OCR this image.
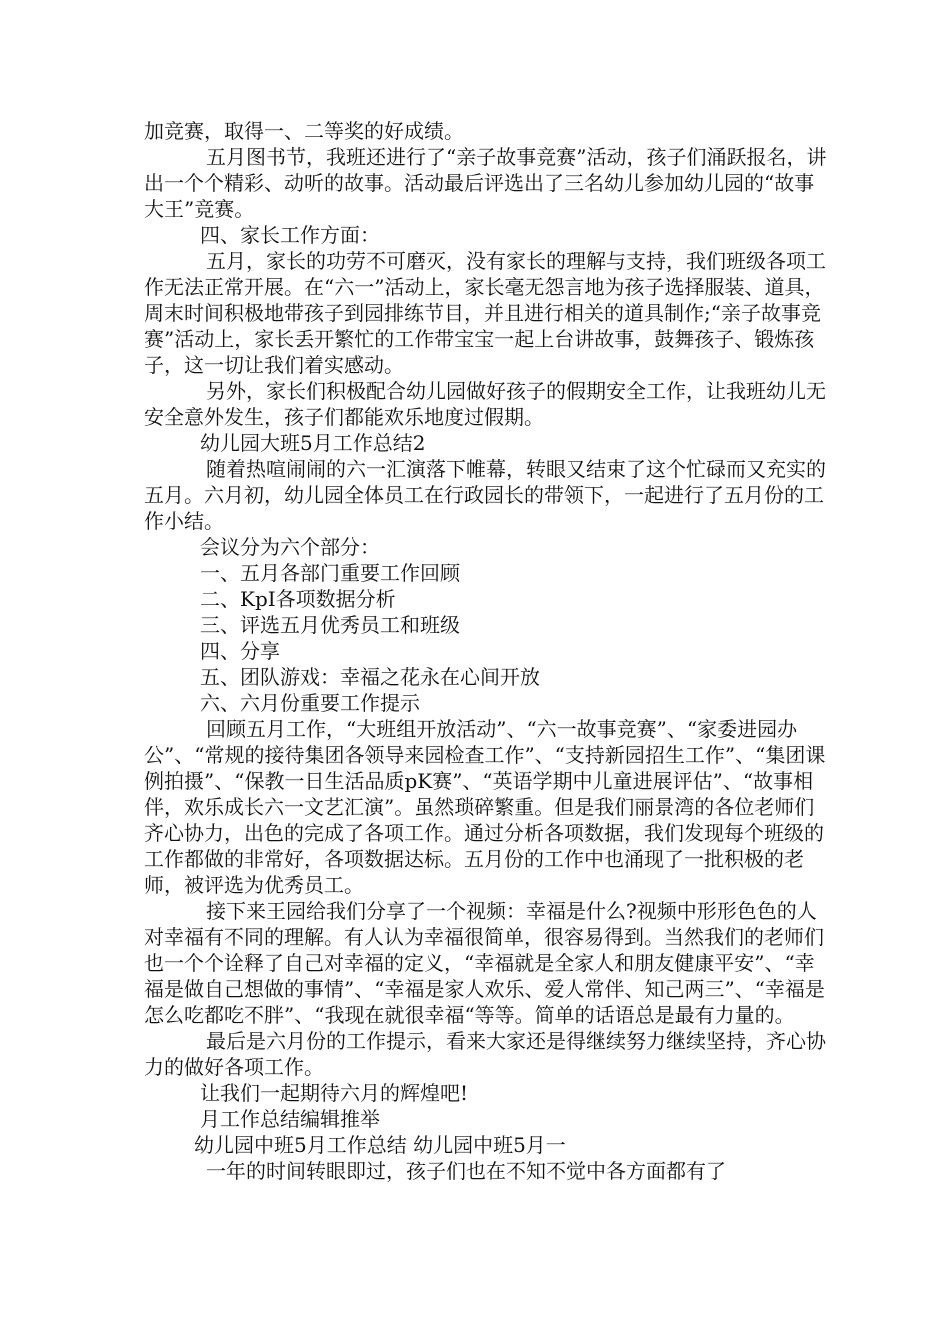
加竞赛，取得一、二等奖的好成绩。

五月图书节，我班还进行了“亲子故事竞赛”活动，孩子们涌跃报名，讲出一个个精彩、动听的故事。活动最后评选出了三名幼儿参加幼儿园的“故事大王”竞赛。

四、家长工作方面：

五月，家长的功劳不可磨灭，没有家长的理解与支持，我们班级各项工作无法正常开展。在“六一”活动上，家长毫无怨言地为孩子选择服装、道具，周末时间积极地带孩子到园排练节目，并且进行相关的道具制作;“亲子故事竞赛”活动上，家长丢开繁忙的工作带宝宝一起上台讲故事，鼓舞孩子、锻炼孩子，这一切让我们着实感动。

另外，家长们积极配合幼儿园做好孩子的假期安全工作，让我班幼儿无安全意外发生，孩子们都能欢乐地度过假期。

幼儿园大班5月工作总结2

随着热喧闹闹的六一汇演落下帷幕，转眼又结束了这个忙碌而又充实的五月。六月初，幼儿园全体员工在行政园长的带领下，一起进行了五月份的工作小结。

会议分为六个部分：

一、五月各部门重要工作回顾

二、KpI各项数据分析

三、评选五月优秀员工和班级

四、分享

五、团队游戏：幸福之花永在心间开放

六、六月份重要工作提示

回顾五月工作，“大班组开放活动”、“六一故事竞赛”、“家委进园办公”、“常规的接待集团各领导来园检查工作”、“支持新园招生工作”、“集团课例拍摄”、“保教一日生活品质pK赛”、“英语学期中儿童进展评估”、“故事相伴，欢乐成长六一文艺汇演”。虽然琐碎繁重。但是我们丽景湾的各位老师们齐心协力，出色的完成了各项工作。通过分析各项数据，我们发现每个班级的工作都做的非常好，各项数据达标。五月份的工作中也涌现了一批积极的老师，被评选为优秀员工。

接下来王园给我们分享了一个视频：幸福是什么?视频中形形色色的人对幸福有不同的理解。有人认为幸福很简单，很容易得到。当然我们的老师们也一个个诠释了自己对幸福的定义，“幸福就是全家人和朋友健康平安”、“幸福是做自己想做的事情”、“幸福是家人欢乐、爱人常伴、知己两三”、“幸福是怎么吃都吃不胖”、“我现在就很幸福“等等。简单的话语总是最有力量的。

最后是六月份的工作提示，看来大家还是得继续努力继续坚持，齐心协力的做好各项工作。

让我们一起期待六月的辉煌吧!

月工作总结编辑推举

幼儿园中班5月工作总结 幼儿园中班5月一

一年的时间转眼即过，孩子们也在不知不觉中各方面都有了
